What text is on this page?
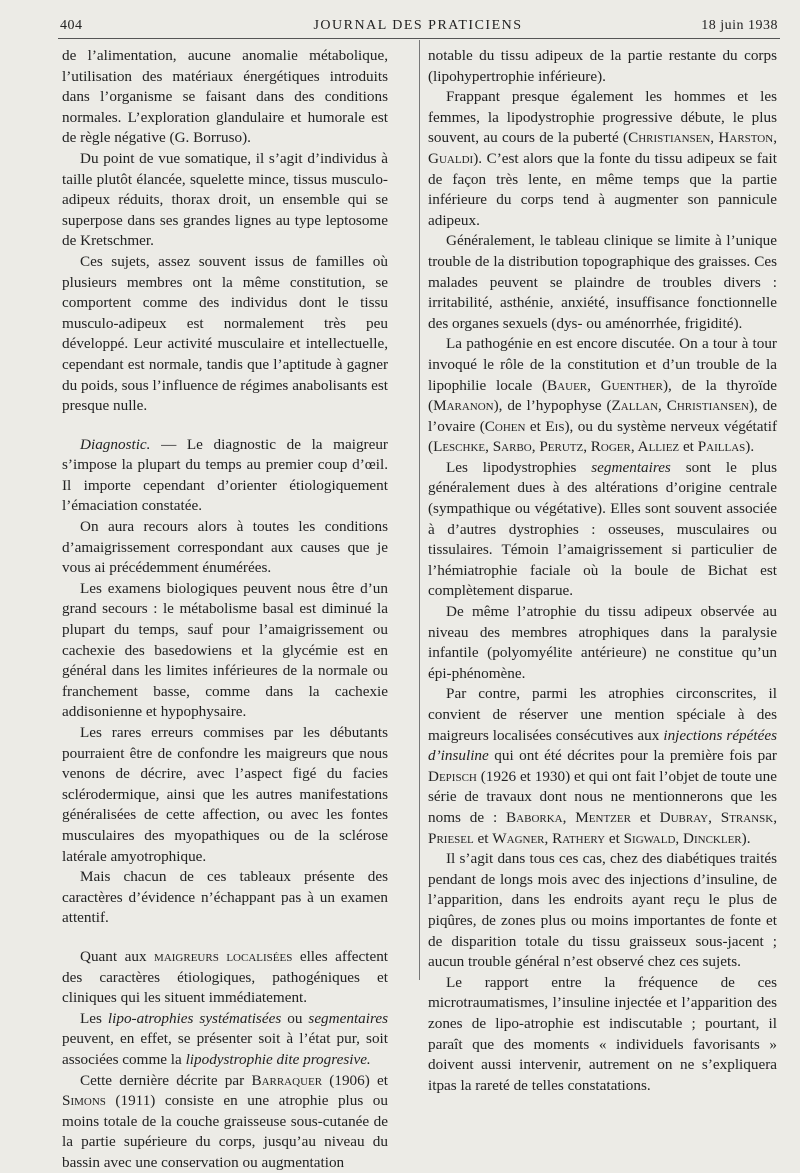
404	JOURNAL DES PRATICIENS	18 juin 1938

de l’alimentation, aucune anomalie métabolique, l’utilisation des matériaux énergétiques introduits dans l’organisme se faisant dans des conditions normales. L’exploration glandulaire et humorale est de règle négative (G. Borruso).

Du point de vue somatique, il s’agit d’individus à taille plutôt élancée, squelette mince, tissus musculo-adipeux réduits, thorax droit, un ensemble qui se superpose dans ses grandes lignes au type leptosome de Kretschmer.

Ces sujets, assez souvent issus de familles où plusieurs membres ont la même constitution, se comportent comme des individus dont le tissu musculo-adipeux est normalement très peu développé. Leur activité musculaire et intellectuelle, cependant est normale, tandis que l’aptitude à gagner du poids, sous l’influence de régimes anabolisants est presque nulle.

Diagnostic. — Le diagnostic de la maigreur s’impose la plupart du temps au premier coup d’œil. Il importe cependant d’orienter étiologiquement l’émaciation constatée.

On aura recours alors à toutes les conditions d’amaigrissement correspondant aux causes que je vous ai précédemment énumérées.

Les examens biologiques peuvent nous être d’un grand secours : le métabolisme basal est diminué la plupart du temps, sauf pour l’amaigrissement ou cachexie des basedowiens et la glycémie est en général dans les limites inférieures de la normale ou franchement basse, comme dans la cachexie addisonienne et hypophysaire.

Les rares erreurs commises par les débutants pourraient être de confondre les maigreurs que nous venons de décrire, avec l’aspect figé du facies sclérodermique, ainsi que les autres manifestations généralisées de cette affection, ou avec les fontes musculaires des myopathiques ou de la sclérose latérale amyotrophique.

Mais chacun de ces tableaux présente des caractères d’évidence n’échappant pas à un examen attentif.

Quant aux maigreurs localisées elles affectent des caractères étiologiques, pathogéniques et cliniques qui les situent immédiatement.

Les lipo-atrophies systématisées ou segmentaires peuvent, en effet, se présenter soit à l’état pur, soit associées comme la lipodystrophie dite progresive.

Cette dernière décrite par Barraquer (1906) et Simons (1911) consiste en une atrophie plus ou moins totale de la couche graisseuse sous-cutanée de la partie supérieure du corps, jusqu’au niveau du bassin avec une conservation ou augmentation

notable du tissu adipeux de la partie restante du corps (lipohypertrophie inférieure).

Frappant presque également les hommes et les femmes, la lipodystrophie progressive débute, le plus souvent, au cours de la puberté (Christiansen, Harston, Gualdi). C’est alors que la fonte du tissu adipeux se fait de façon très lente, en même temps que la partie inférieure du corps tend à augmenter son pannicule adipeux.

Généralement, le tableau clinique se limite à l’unique trouble de la distribution topographique des graisses. Ces malades peuvent se plaindre de troubles divers : irritabilité, asthénie, anxiété, insuffisance fonctionnelle des organes sexuels (dys- ou aménorrhée, frigidité).

La pathogénie en est encore discutée. On a tour à tour invoqué le rôle de la constitution et d’un trouble de la lipophilie locale (Bauer, Guenther), de la thyroïde (Maranon), de l’hypophyse (Zallan, Christiansen), de l’ovaire (Cohen et Eis), ou du système nerveux végétatif (Leschke, Sarbo, Perutz, Roger, Alliez et Paillas).

Les lipodystrophies segmentaires sont le plus généralement dues à des altérations d’origine centrale (sympathique ou végétative). Elles sont souvent associée à d’autres dystrophies : osseuses, musculaires ou tissulaires. Témoin l’amaigrissement si particulier de l’hémiatrophie faciale où la boule de Bichat est complètement disparue.

De même l’atrophie du tissu adipeux observée au niveau des membres atrophiques dans la paralysie infantile (polyomyélite antérieure) ne constitue qu’un épi-phénomène.

Par contre, parmi les atrophies circonscrites, il convient de réserver une mention spéciale à des maigreurs localisées consécutives aux injections répétées d’insuline qui ont été décrites pour la première fois par Depisch (1926 et 1930) et qui ont fait l’objet de toute une série de travaux dont nous ne mentionnerons que les noms de : Baborka, Mentzer et Dubray, Stransk, Priesel et Wagner, Rathery et Sigwald, Dinckler).

Il s’agit dans tous ces cas, chez des diabétiques traités pendant de longs mois avec des injections d’insuline, de l’apparition, dans les endroits ayant reçu le plus de piqûres, de zones plus ou moins importantes de fonte et de disparition totale du tissu graisseux sous-jacent ; aucun trouble général n’est observé chez ces sujets.

Le rapport entre la fréquence de ces microtraumatismes, l’insuline injectée et l’apparition des zones de lipo-atrophie est indiscutable ; pourtant, il paraît que des moments « individuels favorisants » doivent aussi intervenir, autrement on ne s’expliquera itpas la rareté de telles constatations.
